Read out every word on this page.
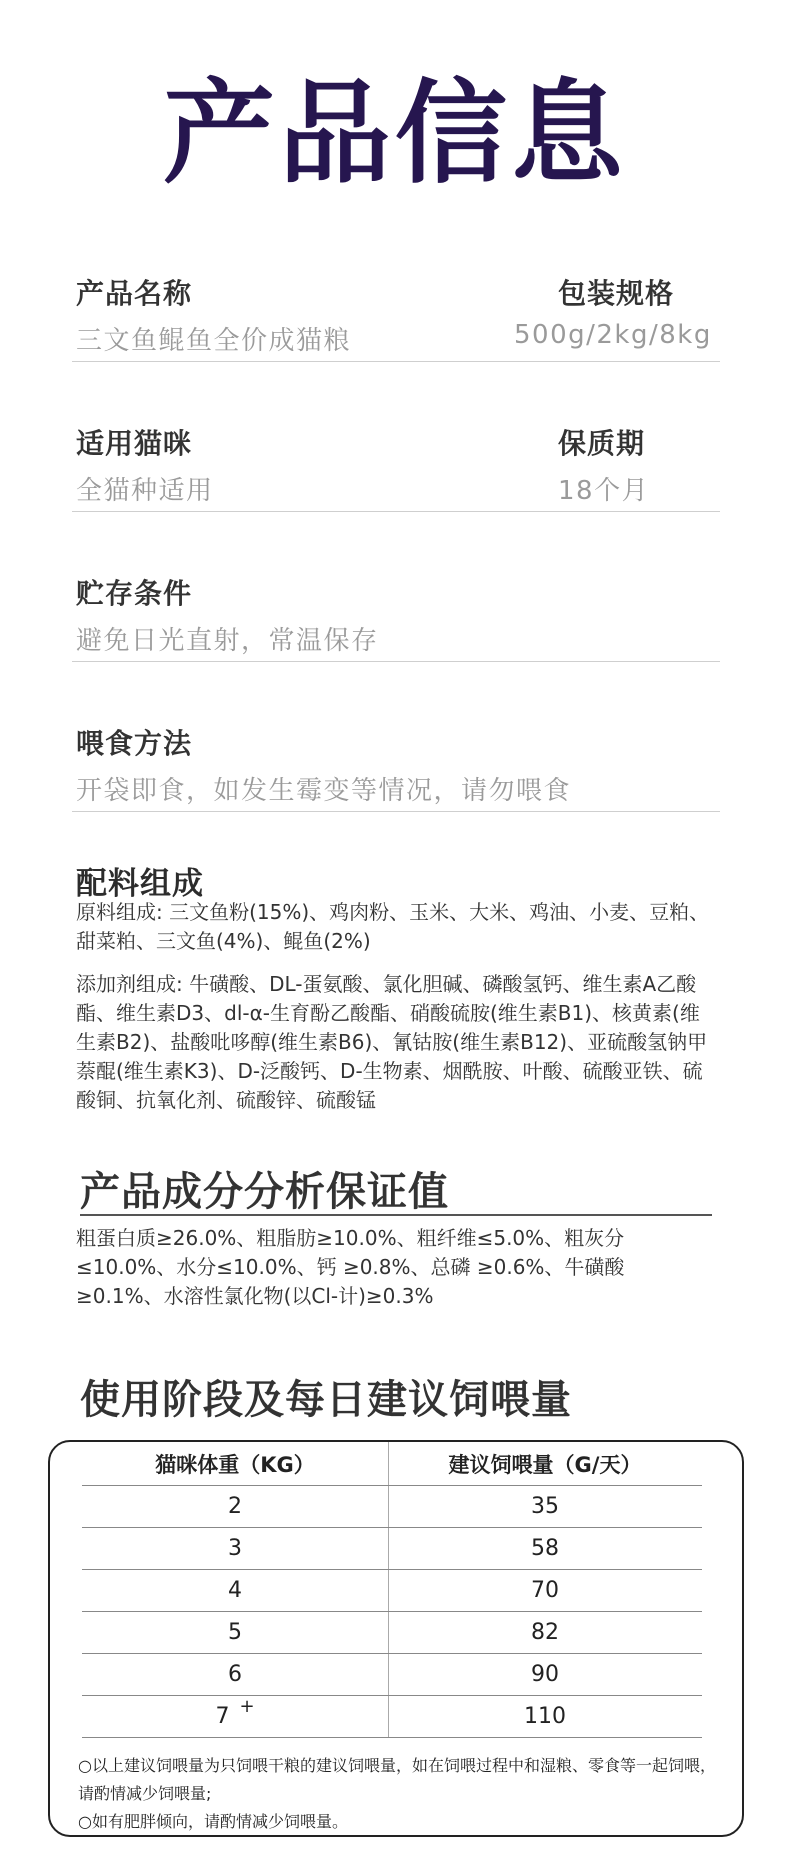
产品信息
产品名称
三文鱼鲲鱼全价成猫粮
包装规格
500g/2kg/8kg
适用猫咪
全猫种适用
保质期
18个月
贮存条件
避免日光直射，常温保存
喂食方法
开袋即食，如发生霉变等情况，请勿喂食
配料组成
原料组成: 三文鱼粉(15%)、鸡肉粉、玉米、大米、鸡油、小麦、豆粕、甜菜粕、三文鱼(4%)、鲲鱼(2%)
添加剂组成: 牛磺酸、DL-蛋氨酸、氯化胆碱、磷酸氢钙、维生素A乙酸酯、维生素D3、dl-α-生育酚乙酸酯、硝酸硫胺(维生素B1)、核黄素(维生素B2)、盐酸吡哆醇(维生素B6)、氰钴胺(维生素B12)、亚硫酸氢钠甲萘醌(维生素K3)、D-泛酸钙、D-生物素、烟酰胺、叶酸、硫酸亚铁、硫酸铜、抗氧化剂、硫酸锌、硫酸锰
产品成分分析保证值
粗蛋白质≥26.0%、粗脂肪≥10.0%、粗纤维≤5.0%、粗灰分≤10.0%、水分≤10.0%、钙 ≥0.8%、总磷 ≥0.6%、牛磺酸 ≥0.1%、水溶性氯化物(以Cl-计)≥0.3%
使用阶段及每日建议饲喂量
猫咪体重（KG）	建议饲喂量（G/天）
2	35
3	58
4	70
5	82
6	90
7 +	110
○以上建议饲喂量为只饲喂干粮的建议饲喂量，如在饲喂过程中和湿粮、零食等一起饲喂，请酌情减少饲喂量;
○如有肥胖倾向，请酌情减少饲喂量。
